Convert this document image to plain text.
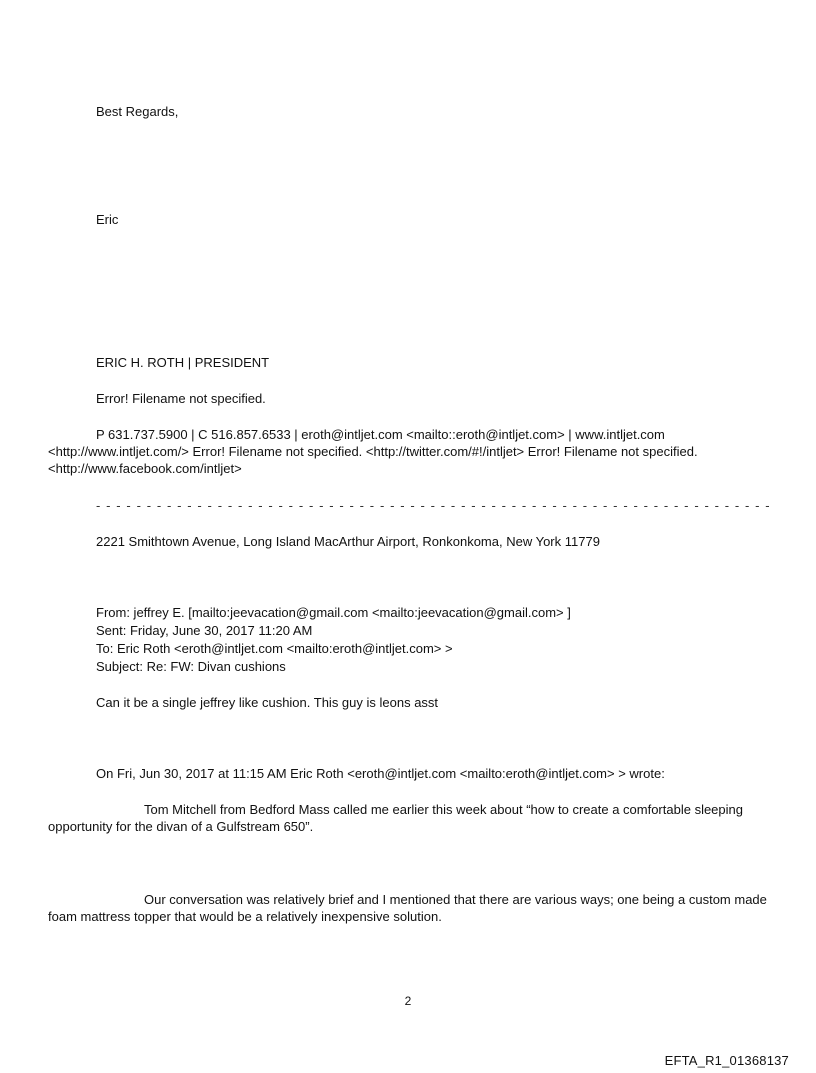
Best Regards,
Eric
ERIC H. ROTH | PRESIDENT
Error! Filename not specified.
P 631.737.5900 | C 516.857.6533 | eroth@intljet.com <mailto::eroth@intljet.com> | www.intljet.com
<http://www.intljet.com/> Error! Filename not specified. <http://twitter.com/#!/intljet> Error! Filename not specified.
<http://www.facebook.com/intljet>
- - - - - - - - - - - - - - - - - - - - - - - - - - - - - - - - - - - - - - - - - - - - - - - - - - - - - - - - - - - - - - - - - - -
2221 Smithtown Avenue, Long Island MacArthur Airport, Ronkonkoma, New York 11779
From: jeffrey E. [mailto:jeevacation@gmail.com <mailto:jeevacation@gmail.com> ]
Sent: Friday, June 30, 2017 11:20 AM
To: Eric Roth <eroth@intljet.com <mailto:eroth@intljet.com> >
Subject: Re: FW: Divan cushions
Can it be a single jeffrey like cushion. This guy is leons asst
On Fri, Jun 30, 2017 at 11:15 AM Eric Roth <eroth@intljet.com <mailto:eroth@intljet.com> > wrote:
Tom Mitchell from Bedford Mass called me earlier this week about “how to create a comfortable sleeping opportunity for the divan of a Gulfstream 650”.
Our conversation was relatively brief and I mentioned that there are various ways; one being a custom made foam mattress topper that would be a relatively inexpensive solution.
2
EFTA_R1_01368137
